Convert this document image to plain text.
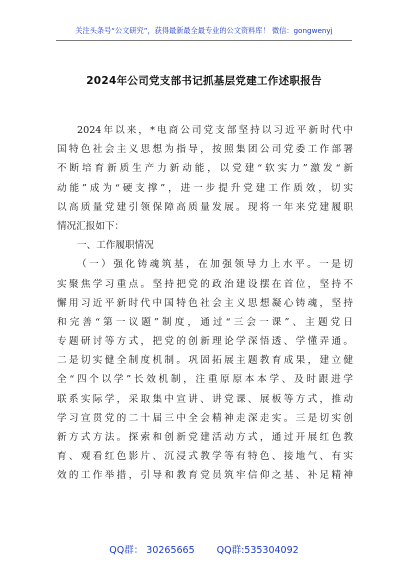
关注头条号“公文研究”，获得最新最全最专业的公文资料库！ 微信：gongwenyj
2024年公司党支部书记抓基层党建工作述职报告
2024年以来，*电商公司党支部坚持以习近平新时代中
国特色社会主义思想为指导，按照集团公司党委工作部署
不断培育新质生产力新动能，以党建“软实力”激发“新
动能”成为“硬支撑”，进一步提升党建工作质效，切实
以高质量党建引领保障高质量发展。现将一年来党建履职
情况汇报如下：
一、工作履职情况
（一）强化铸魂筑基，在加强领导力上水平。一是切
实聚焦学习重点。坚持把党的政治建设摆在首位，坚持不
懈用习近平新时代中国特色社会主义思想凝心铸魂，坚持
和完善“第一议题”制度，通过“三会一课”、主题党日
专题研讨等方式，把党的创新理论学深悟透、学懂弄通。
二是切实健全制度机制。巩固拓展主题教育成果，建立健
全“四个以学”长效机制，注重原原本本学、及时跟进学
联系实际学，采取集中宣讲、讲党课、展板等方式，推动
学习宣贯党的二十届三中全会精神走深走实。三是切实创
新方式方法。探索和创新党建活动方式，通过开展红色教
育、观看红色影片、沉浸式教学等有特色、接地气、有实
效的工作举措，引导和教育党员筑牢信仰之基、补足精神
QQ群： 30265665 QQ群:535304092
